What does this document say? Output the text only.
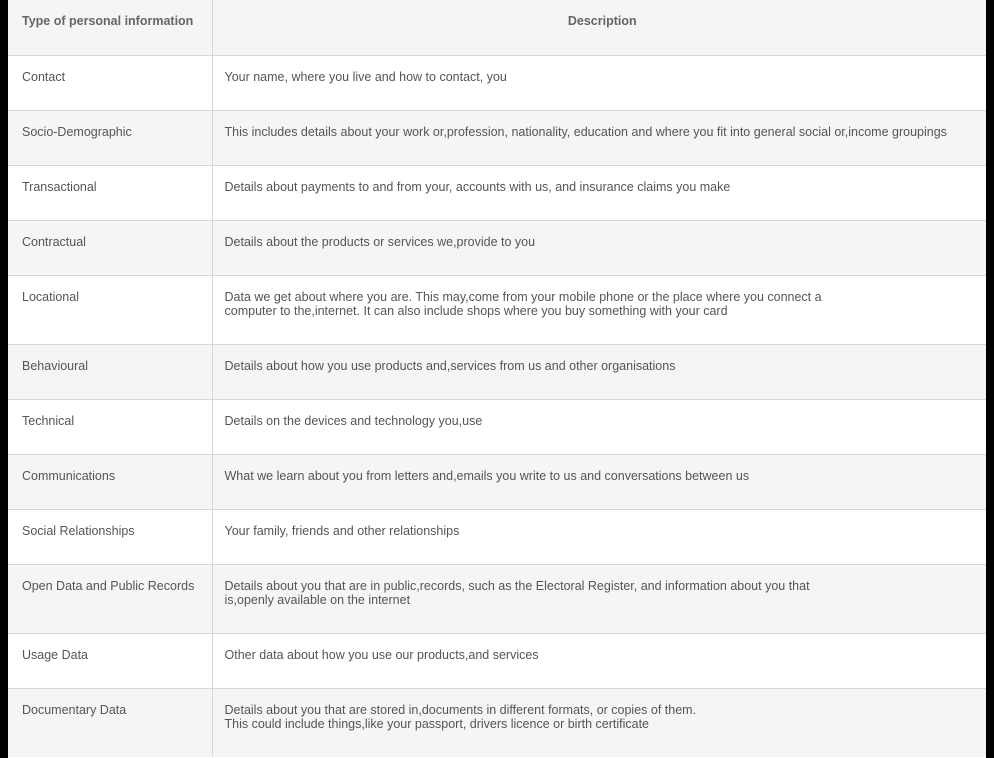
Type of personal information	Description
Contact	Your name, where you live and how to contact, you

Socio-Demographic	This includes details about your work or,profession, nationality, education and where you fit into general social or,income groupings

Transactional	Details about payments to and from your, accounts with us, and insurance claims you make

Contractual	Details about the products or services we,provide to you

Locational	Data we get about where you are. This may,come from your mobile phone or the place where you connect a
computer to the,internet. It can also include shops where you buy something with your card

Behavioural	Details about how you use products and,services from us and other organisations

Technical	Details on the devices and technology you,use

Communications	What we learn about you from letters and,emails you write to us and conversations between us

Social Relationships	Your family, friends and other relationships

Open Data and Public Records	Details about you that are in public,records, such as the Electoral Register, and information about you that
is,openly available on the internet

Usage Data	Other data about how you use our products,and services

Documentary Data	Details about you that are stored in,documents in different formats, or copies of them.
This could include things,like your passport, drivers licence or birth certificate
